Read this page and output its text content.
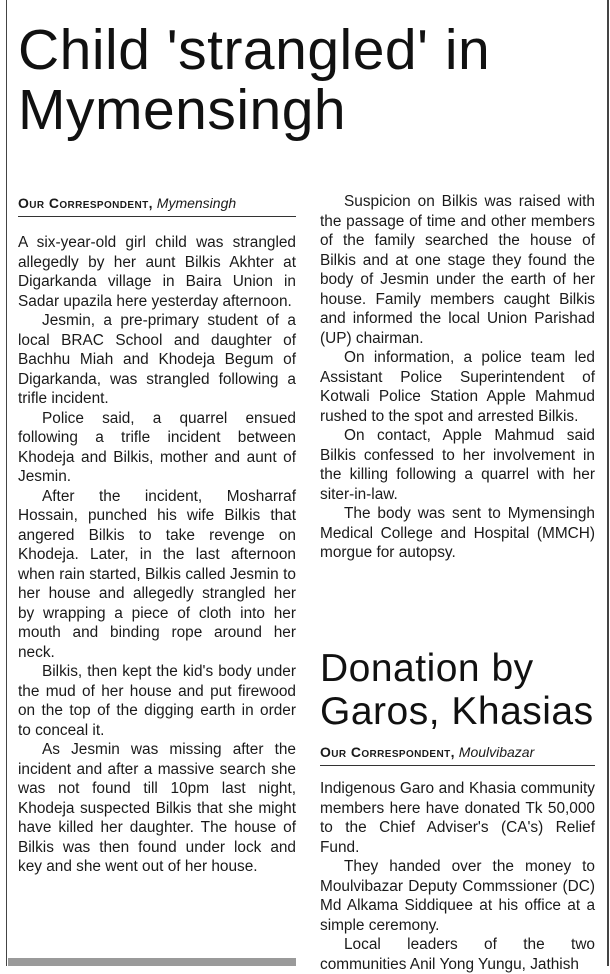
Child 'strangled' in Mymensingh
Our Correspondent, Mymensingh

A six-year-old girl child was strangled allegedly by her aunt Bilkis Akhter at Digarkanda village in Baira Union in Sadar upazila here yesterday afternoon.

Jesmin, a pre-primary student of a local BRAC School and daughter of Bachhu Miah and Khodeja Begum of Digarkanda, was strangled following a trifle incident.

Police said, a quarrel ensued following a trifle incident between Khodeja and Bilkis, mother and aunt of Jesmin.

After the incident, Mosharraf Hossain, punched his wife Bilkis that angered Bilkis to take revenge on Khodeja. Later, in the last afternoon when rain started, Bilkis called Jesmin to her house and allegedly strangled her by wrapping a piece of cloth into her mouth and binding rope around her neck.

Bilkis, then kept the kid's body under the mud of her house and put firewood on the top of the digging earth in order to conceal it.

As Jesmin was missing after the incident and after a massive search she was not found till 10pm last night, Khodeja suspected Bilkis that she might have killed her daughter. The house of Bilkis was then found under lock and key and she went out of her house.

Suspicion on Bilkis was raised with the passage of time and other members of the family searched the house of Bilkis and at one stage they found the body of Jesmin under the earth of her house. Family members caught Bilkis and informed the local Union Parishad (UP) chairman.

On information, a police team led Assistant Police Superintendent of Kotwali Police Station Apple Mahmud rushed to the spot and arrested Bilkis.

On contact, Apple Mahmud said Bilkis confessed to her involvement in the killing following a quarrel with her siter-in-law.

The body was sent to Mymensingh Medical College and Hospital (MMCH) morgue for autopsy.

Donation by Garos, Khasias
Our Correspondent, Moulvibazar

Indigenous Garo and Khasia community members here have donated Tk 50,000 to the Chief Adviser's (CA's) Relief Fund.

They handed over the money to Moulvibazar Deputy Commssioner (DC) Md Alkama Siddiquee at his office at a simple ceremony.

Local leaders of the two communities Anil Yong Yungu, Jathish
